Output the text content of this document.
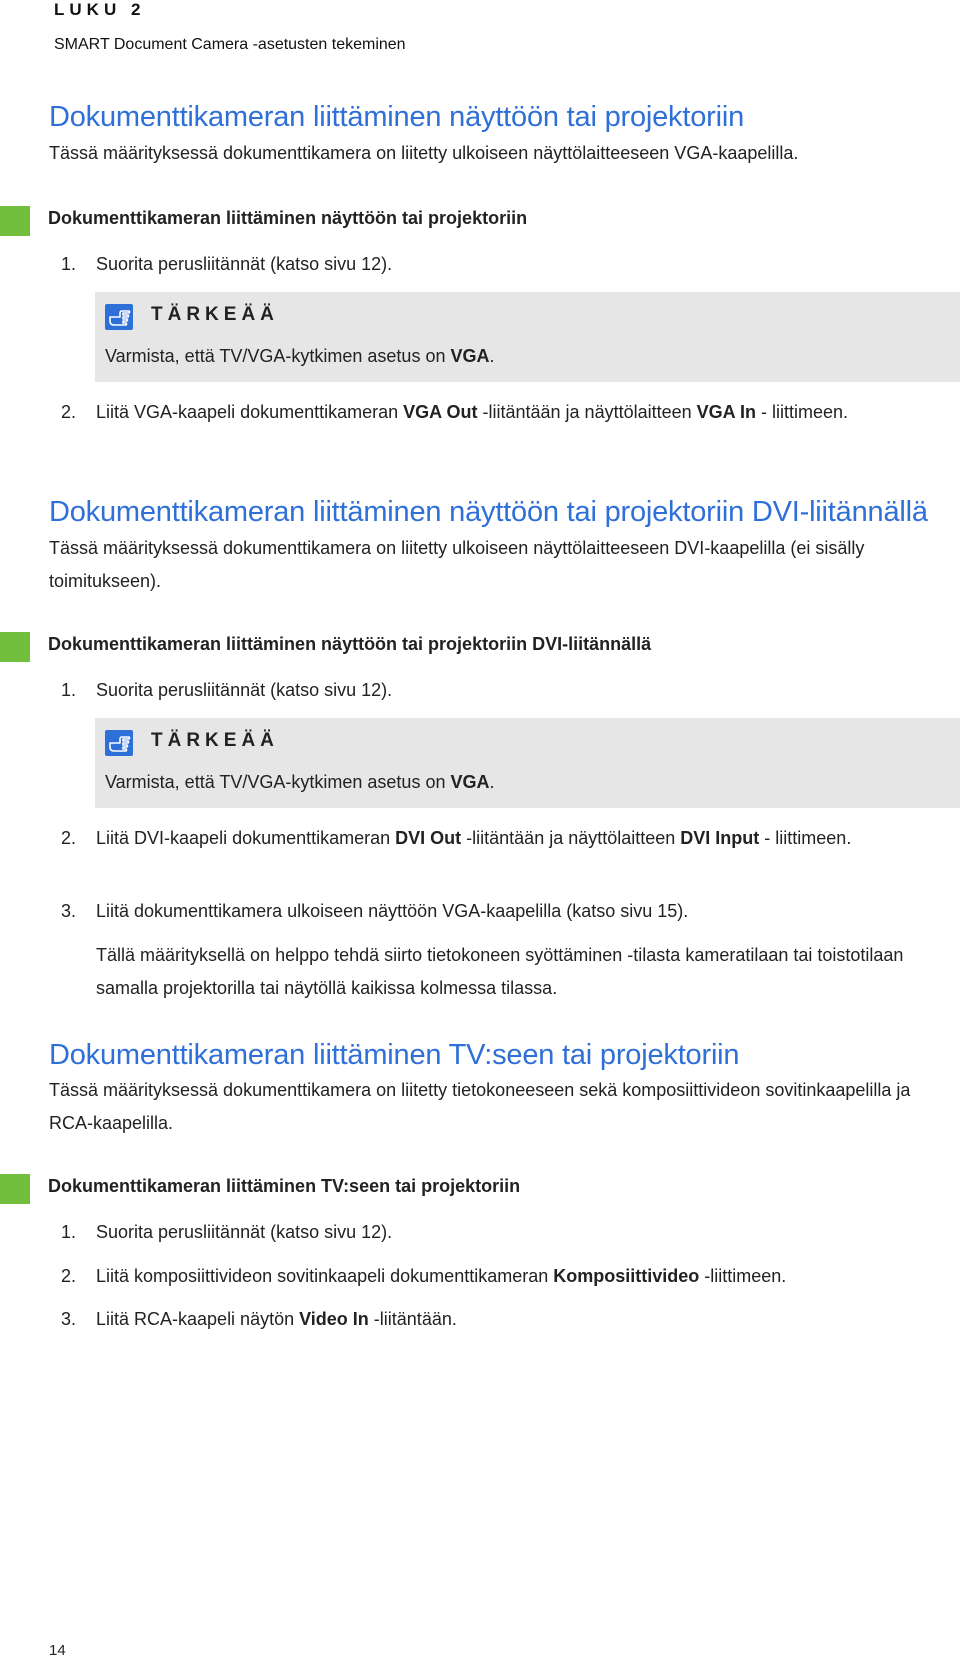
LUKU 2
SMART Document Camera -asetusten tekeminen
Dokumenttikameran liittäminen näyttöön tai projektoriin
Tässä määrityksessä dokumenttikamera on liitetty ulkoiseen näyttölaitteeseen VGA-kaapelilla.
Dokumenttikameran liittäminen näyttöön tai projektoriin
1. Suorita perusliitännät (katso sivu 12).
TÄRKEÄÄ
Varmista, että TV/VGA-kytkimen asetus on VGA.
2. Liitä VGA-kaapeli dokumenttikameran VGA Out -liitäntään ja näyttölaitteen VGA In - liittimeen.
Dokumenttikameran liittäminen näyttöön tai projektoriin DVI-liitännällä
Tässä määrityksessä dokumenttikamera on liitetty ulkoiseen näyttölaitteeseen DVI-kaapelilla (ei sisälly toimitukseen).
Dokumenttikameran liittäminen näyttöön tai projektoriin DVI-liitännällä
1. Suorita perusliitännät (katso sivu 12).
TÄRKEÄÄ
Varmista, että TV/VGA-kytkimen asetus on VGA.
2. Liitä DVI-kaapeli dokumenttikameran DVI Out -liitäntään ja näyttölaitteen DVI Input - liittimeen.
3. Liitä dokumenttikamera ulkoiseen näyttöön VGA-kaapelilla (katso sivu 15).
Tällä määrityksellä on helppo tehdä siirto tietokoneen syöttäminen -tilasta kameratilaan tai toistotilaan samalla projektorilla tai näytöllä kaikissa kolmessa tilassa.
Dokumenttikameran liittäminen TV:seen tai projektoriin
Tässä määrityksessä dokumenttikamera on liitetty tietokoneeseen sekä komposiittivideon sovitinkaapelilla ja RCA-kaapelilla.
Dokumenttikameran liittäminen TV:seen tai projektoriin
1. Suorita perusliitännät (katso sivu 12).
2. Liitä komposiittivideon sovitinkaapeli dokumenttikameran Komposiittivideo -liittimeen.
3. Liitä RCA-kaapeli näytön Video In -liitäntään.
14
